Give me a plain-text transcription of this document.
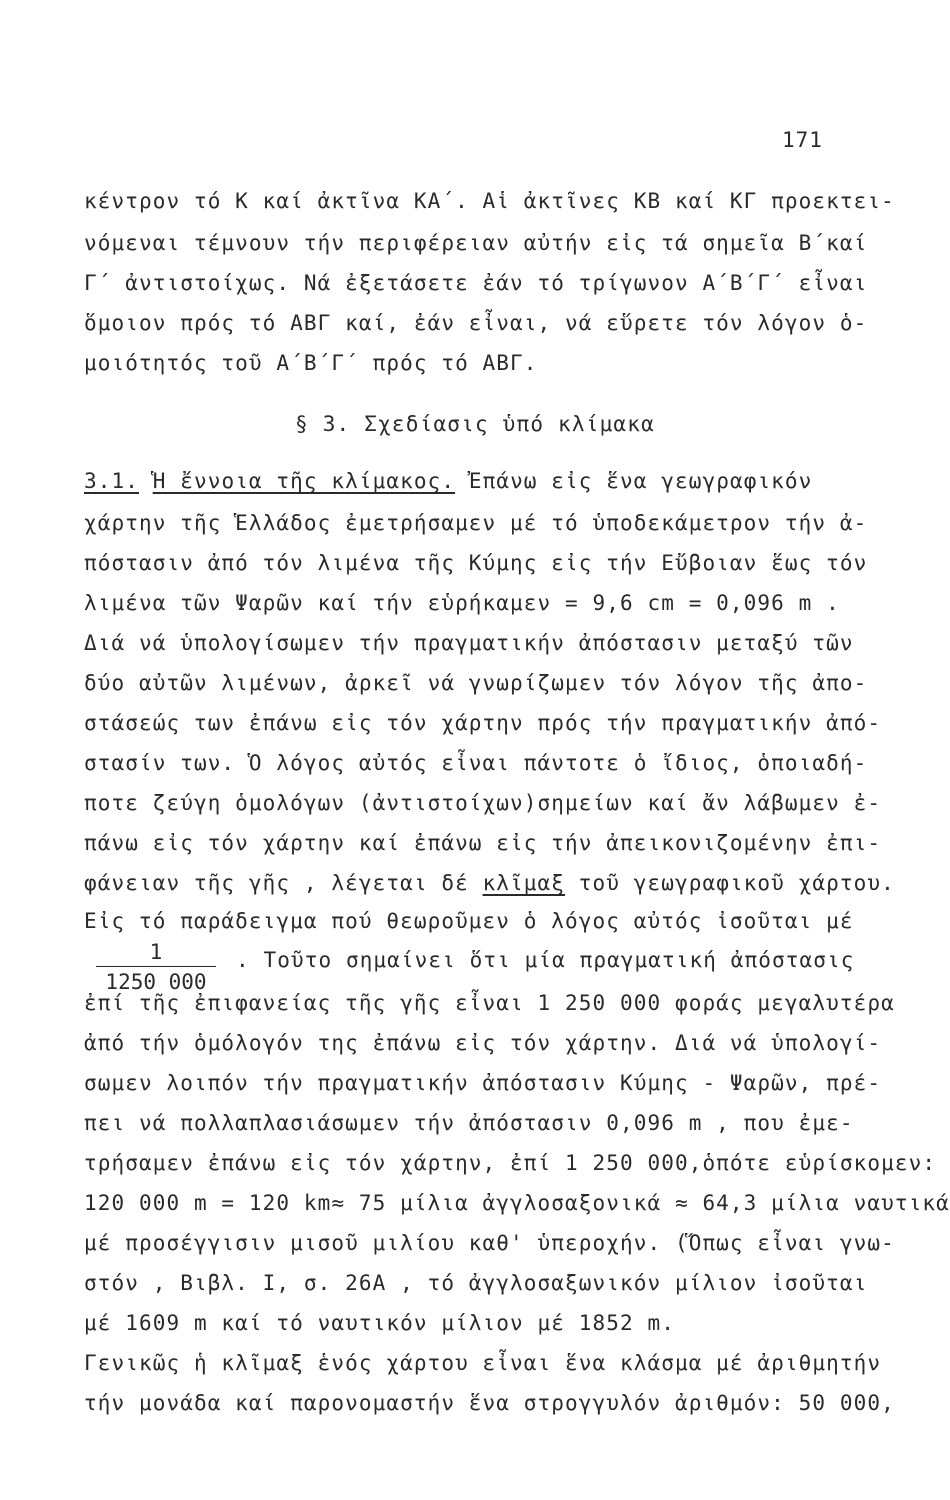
171
κέντρον τό Κ καί ἀκτῖνα ΚΑ΄. Αἱ ἀκτῖνες ΚΒ καί ΚΓ προεκτει-
νόμεναι τέμνουν τήν περιφέρειαν αὐτήν εἰς τά σημεῖα Β΄καί
Γ΄ ἀντιστοίχως. Νά ἐξετάσετε ἐάν τό τρίγωνον Α΄Β΄Γ΄ εἶναι
ὅμοιον πρός τό ΑΒΓ καί, ἐάν εἶναι, νά εὕρετε τόν λόγον ὁ-
μοιότητός τοῦ Α΄Β΄Γ΄ πρός τό ΑΒΓ.
§ 3. Σχεδίασις ὑπό κλίμακα
3.1. Ἡ ἔννοια τῆς κλίμακος. Ἐπάνω εἰς ἕνα γεωγραφικόν
χάρτην τῆς Ἑλλάδος ἐμετρήσαμεν μέ τό ὑποδεκάμετρον τήν ἀ-
πόστασιν ἀπό τόν λιμένα τῆς Κύμης εἰς τήν Εὔβοιαν ἕως τόν
λιμένα τῶν Ψαρῶν καί τήν εὑρήκαμεν = 9,6 cm = 0,096 m .
Διά νά ὑπολογίσωμεν τήν πραγματικήν ἀπόστασιν μεταξύ τῶν
δύο αὐτῶν λιμένων, ἀρκεῖ νά γνωρίζωμεν τόν λόγον τῆς ἀπο-
στάσεώς των ἐπάνω εἰς τόν χάρτην πρός τήν πραγματικήν ἀπό-
στασίν των. Ὁ λόγος αὐτός εἶναι πάντοτε ὁ ἴδιος, ὁποιαδή-
ποτε ζεύγη ὁμολόγων (ἀντιστοίχων)σημείων καί ἄν λάβωμεν ἐ-
πάνω εἰς τόν χάρτην καί ἐπάνω εἰς τήν ἀπεικονιζομένην ἐπι-
φάνειαν τῆς γῆς , λέγεται δέ κλῖμαξ τοῦ γεωγραφικοῦ χάρτου.
Εἰς τό παράδειγμα πού θεωροῦμεν ὁ λόγος αὐτός ἰσοῦται μέ
$\frac{1}{1250 000}$ . Τοῦτο σημαίνει ὅτι μία πραγματική ἀπόστασις
ἐπί τῆς ἐπιφανείας τῆς γῆς εἶναι 1 250 000 φοράς μεγαλυτέρα
ἀπό τήν ὁμόλογόν της ἐπάνω εἰς τόν χάρτην. Διά νά ὑπολογί-
σωμεν λοιπόν τήν πραγματικήν ἀπόστασιν Κύμης - Ψαρῶν, πρέ-
πει νά πολλαπλασιάσωμεν τήν ἀπόστασιν 0,096 m , που ἐμε-
τρήσαμεν ἐπάνω εἰς τόν χάρτην, ἐπί 1 250 000,ὁπότε εὑρίσκομεν:
120 000 m = 120 km≈ 75 μίλια ἀγγλοσαξονικά ≈ 64,3 μίλια ναυτικά
μέ προσέγγισιν μισοῦ μιλίου καθ' ὑπεροχήν. (Ὅπως εἶναι γνω-
στόν , Βιβλ. Ι, σ. 26Α , τό ἀγγλοσαξωνικόν μίλιον ἰσοῦται
μέ 1609 m καί τό ναυτικόν μίλιον μέ 1852 m.
Γενικῶς ἡ κλῖμαξ ἑνός χάρτου εἶναι ἕνα κλάσμα μέ ἀριθμητήν
τήν μονάδα καί παρονομαστήν ἕνα στρογγυλόν ἀριθμόν: 50 000,
